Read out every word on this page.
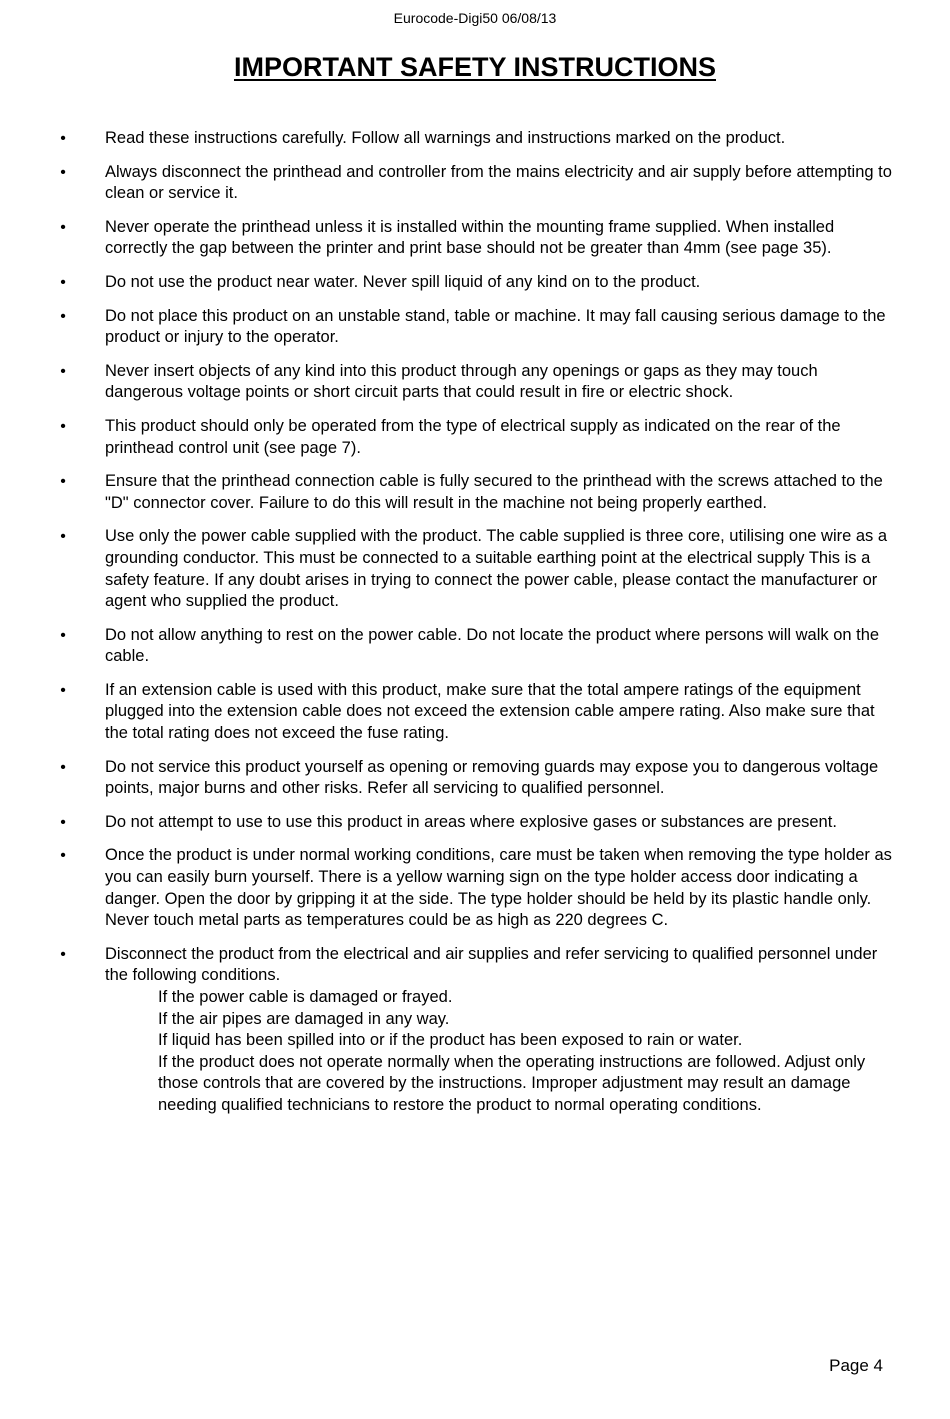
Eurocode-Digi50 06/08/13
IMPORTANT SAFETY INSTRUCTIONS
•	Read these instructions carefully. Follow all warnings and instructions marked on the product.
•	Always disconnect the printhead and controller from the mains electricity and air supply before attempting to clean or service it.
•	Never operate the printhead unless it is installed within the mounting frame supplied. When installed correctly the gap between the printer and print base should not be greater than 4mm (see page 35).
•	Do not use the product near water. Never spill liquid of any kind on to the product.
•	Do not place this product on an unstable stand, table or machine. It may fall causing serious damage to the product or injury to the operator.
•	Never insert objects of any kind into this product through any openings or gaps as they may touch dangerous voltage points or short circuit parts that could result in fire or electric shock.
•	This product should only be operated from the type of electrical supply as indicated on the rear of the printhead control unit (see page 7).
•	Ensure that the printhead connection cable is fully secured to the printhead with the screws attached to the "D" connector cover. Failure to do this will result in the machine not being properly earthed.
•	Use only the power cable supplied with the product. The cable supplied is three core, utilising one wire as a grounding conductor. This must be connected to a suitable earthing point at the electrical supply This is a safety feature. If any doubt arises in trying to connect the power cable, please contact the manufacturer or agent who supplied the product.
•	Do not allow anything to rest on the power cable. Do not locate the product where persons will walk on the cable.
•	If an extension cable is used with this product, make sure that the total ampere ratings of the equipment plugged into the extension cable does not exceed the extension cable ampere rating. Also make sure that the total rating does not exceed the fuse rating.
•	Do not service this product yourself as opening or removing guards may expose you to dangerous voltage points, major burns and other risks. Refer all servicing to qualified personnel.
•	Do not attempt to use to use this product in areas where explosive gases or substances are present.
•	Once the product is under normal working conditions, care must be taken when removing the type holder as you can easily burn yourself. There is a yellow warning sign on the type holder access door indicating a danger. Open the door by gripping it at the side. The type holder should be held by its plastic handle only. Never touch metal parts as temperatures could be as high as 220 degrees C.
•	Disconnect the product from the electrical and air supplies and refer servicing to qualified personnel under the following conditions.
If the power cable is damaged or frayed.
If the air pipes are damaged in any way.
If liquid has been spilled into or if the product has been exposed to rain or water.
If the product does not operate normally when the operating instructions are followed. Adjust only those controls that are covered by the instructions. Improper adjustment may result an damage needing qualified technicians to restore the product to normal operating conditions.
Page 4
